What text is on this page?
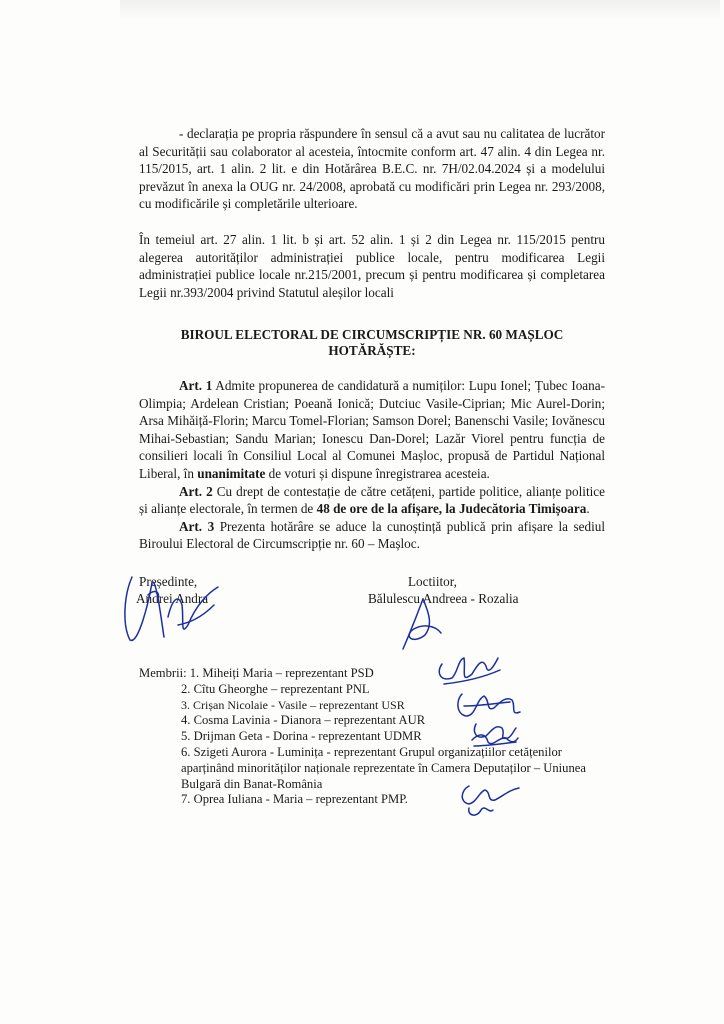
- declarația pe propria răspundere în sensul că a avut sau nu calitatea de lucrător al Securității sau colaborator al acesteia, întocmite conform art. 47 alin. 4 din Legea nr. 115/2015, art. 1 alin. 2 lit. e din Hotărârea B.E.C. nr. 7H/02.04.2024 și a modelului prevăzut în anexa la OUG nr. 24/2008, aprobată cu modificări prin Legea nr. 293/2008, cu modificările și completările ulterioare.

În temeiul art. 27 alin. 1 lit. b și art. 52 alin. 1 și 2 din Legea nr. 115/2015 pentru alegerea autorităților administrației publice locale, pentru modificarea Legii administrației publice locale nr.215/2001, precum și pentru modificarea și completarea Legii nr.393/2004 privind Statutul aleșilor locali

BIROUL ELECTORAL DE CIRCUMSCRIPȚIE NR. 60 MAȘLOC
HOTĂRĂȘTE:

Art. 1 Admite propunerea de candidatură a numiților: Lupu Ionel; Țubec Ioana-Olimpia; Ardelean Cristian; Poeană Ionică; Dutciuc Vasile-Ciprian; Mic Aurel-Dorin; Arsa Mihăiță-Florin; Marcu Tomel-Florian; Samson Dorel; Banenschi Vasile; Iovănescu Mihai-Sebastian; Sandu Marian; Ionescu Dan-Dorel; Lazăr Viorel pentru funcția de consilieri locali în Consiliul Local al Comunei Mașloc, propusă de Partidul Național Liberal, în unanimitate de voturi și dispune înregistrarea acesteia.

Art. 2 Cu drept de contestație de către cetățeni, partide politice, alianțe politice și alianțe electorale, în termen de 48 de ore de la afișare, la Judecătoria Timișoara.

Art. 3 Prezenta hotărâre se aduce la cunoștință publică prin afișare la sediul Biroului Electoral de Circumscripție nr. 60 – Mașloc.

Președinte,
Andrei Andra
Loctiitor,
Bălulescu Andreea - Rozalia
Membrii: 1. Miheiți Maria – reprezentant PSD
2. Cîtu Gheorghe – reprezentant PNL
3. Crișan Nicolaie - Vasile – reprezentant USR
4. Cosma Lavinia - Dianora – reprezentant AUR
5. Drijman Geta - Dorina - reprezentant UDMR
6. Szigeti Aurora - Luminița - reprezentant Grupul organizațiilor cetățenilor aparținând minorităților naționale reprezentate în Camera Deputaților – Uniunea Bulgară din Banat-România
7. Oprea Iuliana - Maria – reprezentant PMP.
